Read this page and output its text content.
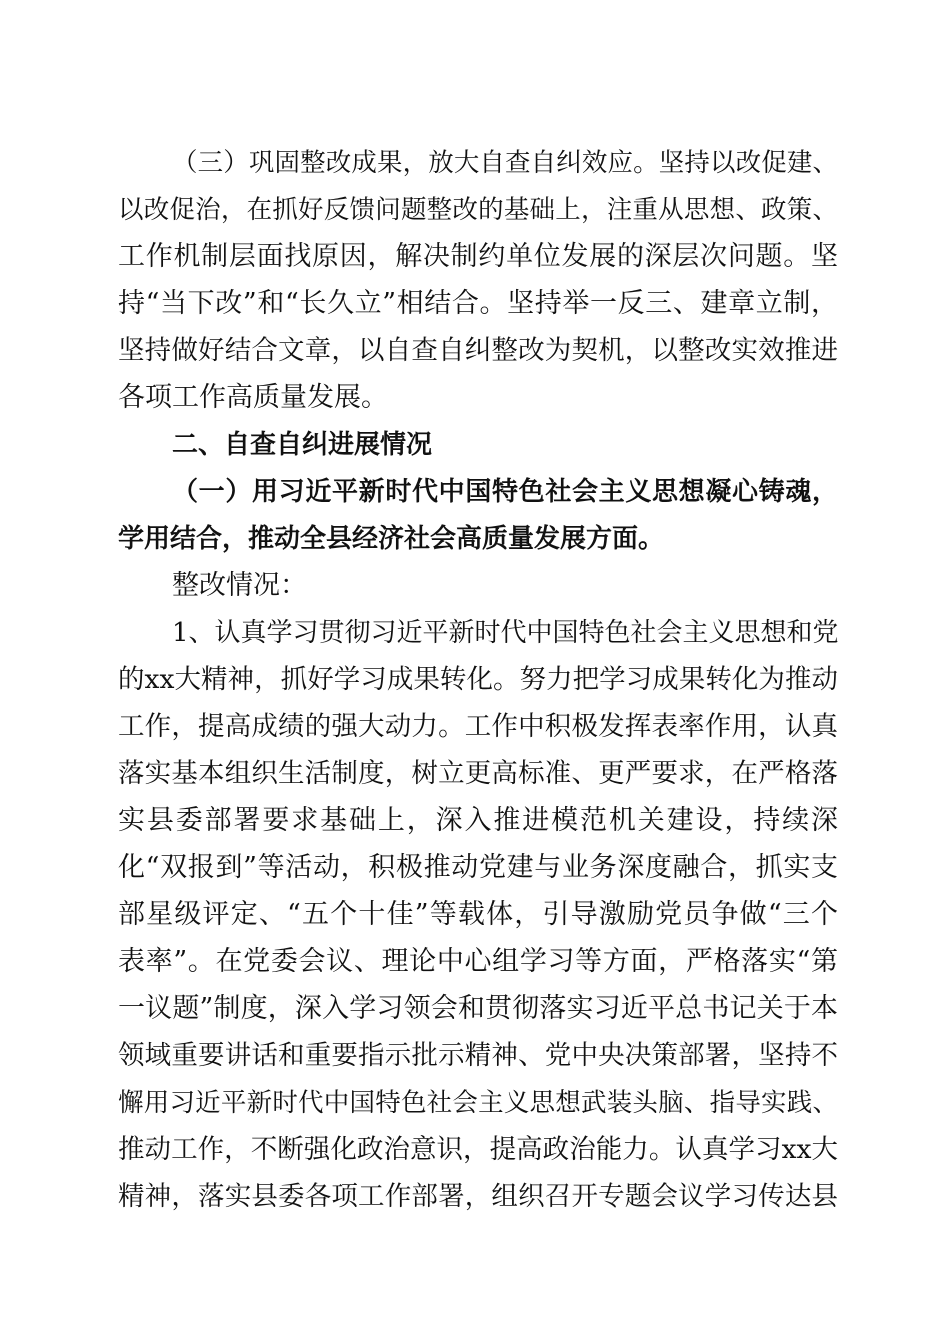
（三）巩固整改成果，放大自查自纠效应。坚持以改促建、
以改促治，在抓好反馈问题整改的基础上，注重从思想、政策、
工作机制层面找原因，解决制约单位发展的深层次问题。坚
持“当下改”和“长久立”相结合。坚持举一反三、建章立制，
坚持做好结合文章，以自查自纠整改为契机，以整改实效推进
各项工作高质量发展。
二、自查自纠进展情况
（一）用习近平新时代中国特色社会主义思想凝心铸魂，
学用结合，推动全县经济社会高质量发展方面。
整改情况：
1、认真学习贯彻习近平新时代中国特色社会主义思想和党
的xx大精神，抓好学习成果转化。努力把学习成果转化为推动
工作，提高成绩的强大动力。工作中积极发挥表率作用，认真
落实基本组织生活制度，树立更高标准、更严要求，在严格落
实县委部署要求基础上，深入推进模范机关建设，持续深
化“双报到”等活动，积极推动党建与业务深度融合，抓实支
部星级评定、“五个十佳”等载体，引导激励党员争做“三个
表率”。在党委会议、理论中心组学习等方面，严格落实“第
一议题”制度，深入学习领会和贯彻落实习近平总书记关于本
领域重要讲话和重要指示批示精神、党中央决策部署，坚持不
懈用习近平新时代中国特色社会主义思想武装头脑、指导实践、
推动工作，不断强化政治意识，提高政治能力。认真学习xx大
精神，落实县委各项工作部署，组织召开专题会议学习传达县
